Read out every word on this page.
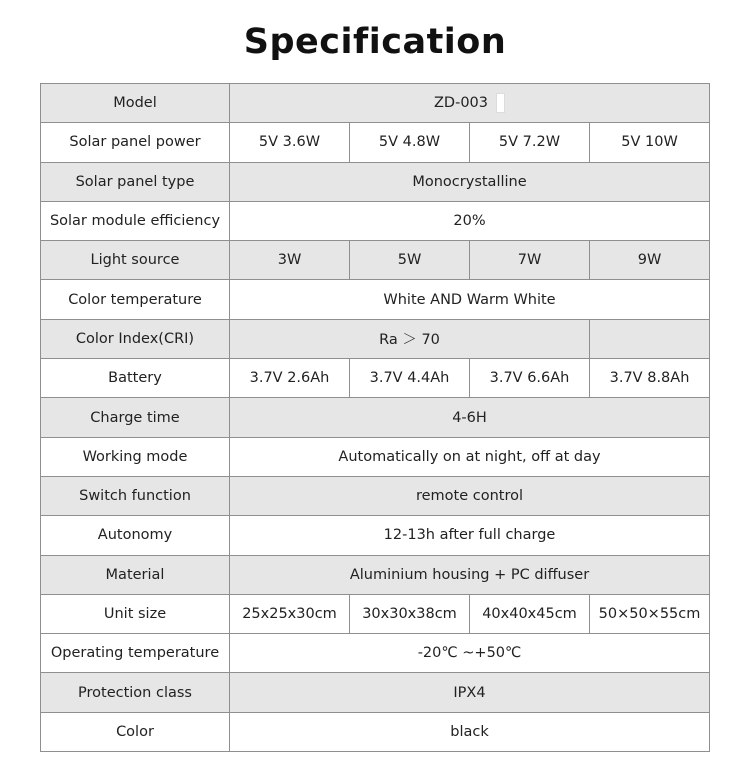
Specification
Model	ZD-003			
Solar panel power	5V 3.6W	5V 4.8W	5V 7.2W	5V 10W
Solar panel type	Monocrystalline			
Solar module efficiency	20%			
Light source	3W	5W	7W	9W
Color temperature	White AND Warm White			
Color Index(CRI)	Ra ＞ 70			
Battery	3.7V 2.6Ah	3.7V 4.4Ah	3.7V 6.6Ah	3.7V 8.8Ah
Charge time	4-6H			
Working mode	Automatically on at night, off at day			
Switch function	remote control			
Autonomy	12-13h after full charge			
Material	Aluminium housing + PC diffuser			
Unit size	25x25x30cm	30x30x38cm	40x40x45cm	50×50×55cm
Operating temperature	-20℃ ~+50℃			
Protection class	IPX4			
Color	black			
